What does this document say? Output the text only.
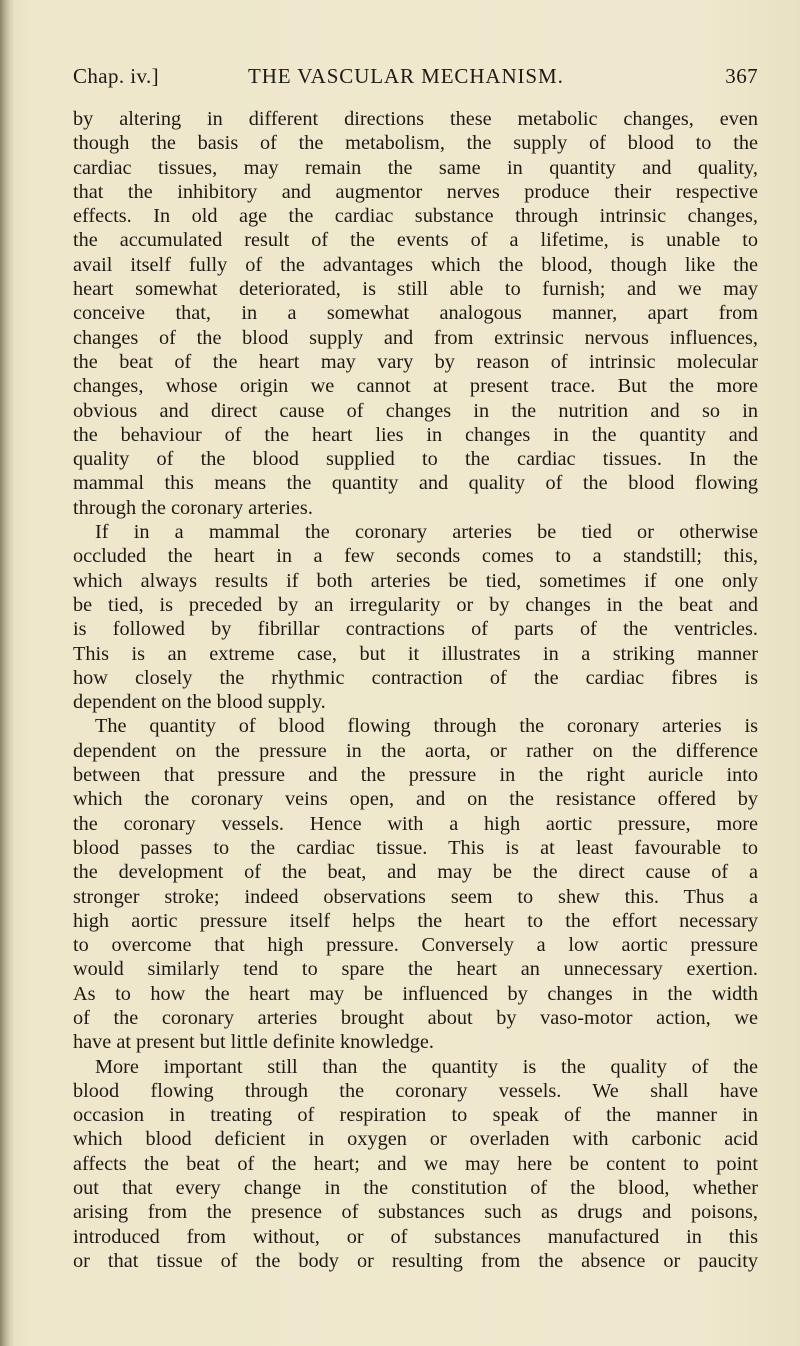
Chap. iv.]	THE VASCULAR MECHANISM.	367
by altering in different directions these metabolic changes, even
though the basis of the metabolism, the supply of blood to the
cardiac tissues, may remain the same in quantity and quality,
that the inhibitory and augmentor nerves produce their respective
effects. In old age the cardiac substance through intrinsic changes,
the accumulated result of the events of a lifetime, is unable to
avail itself fully of the advantages which the blood, though like the
heart somewhat deteriorated, is still able to furnish; and we may
conceive that, in a somewhat analogous manner, apart from
changes of the blood supply and from extrinsic nervous influences,
the beat of the heart may vary by reason of intrinsic molecular
changes, whose origin we cannot at present trace. But the more
obvious and direct cause of changes in the nutrition and so in
the behaviour of the heart lies in changes in the quantity and
quality of the blood supplied to the cardiac tissues. In the
mammal this means the quantity and quality of the blood flowing
through the coronary arteries.
If in a mammal the coronary arteries be tied or otherwise
occluded the heart in a few seconds comes to a standstill; this,
which always results if both arteries be tied, sometimes if one only
be tied, is preceded by an irregularity or by changes in the beat and
is followed by fibrillar contractions of parts of the ventricles.
This is an extreme case, but it illustrates in a striking manner
how closely the rhythmic contraction of the cardiac fibres is
dependent on the blood supply.
The quantity of blood flowing through the coronary arteries is
dependent on the pressure in the aorta, or rather on the difference
between that pressure and the pressure in the right auricle into
which the coronary veins open, and on the resistance offered by
the coronary vessels. Hence with a high aortic pressure, more
blood passes to the cardiac tissue. This is at least favourable to
the development of the beat, and may be the direct cause of a
stronger stroke; indeed observations seem to shew this. Thus a
high aortic pressure itself helps the heart to the effort necessary
to overcome that high pressure. Conversely a low aortic pressure
would similarly tend to spare the heart an unnecessary exertion.
As to how the heart may be influenced by changes in the width
of the coronary arteries brought about by vaso-motor action, we
have at present but little definite knowledge.
More important still than the quantity is the quality of the
blood flowing through the coronary vessels. We shall have
occasion in treating of respiration to speak of the manner in
which blood deficient in oxygen or overladen with carbonic acid
affects the beat of the heart; and we may here be content to point
out that every change in the constitution of the blood, whether
arising from the presence of substances such as drugs and poisons,
introduced from without, or of substances manufactured in this
or that tissue of the body or resulting from the absence or paucity
